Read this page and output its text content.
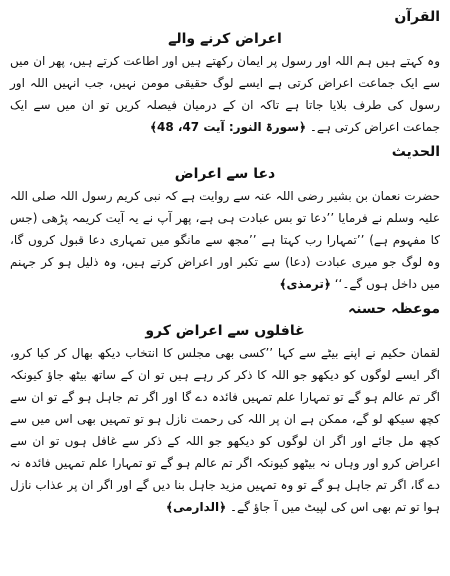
القرآن
اعراض کرنے والے

وہ کہتے ہیں ہم اللہ اور رسول پر ایمان رکھتے ہیں اور اطاعت کرتے ہیں، پھر ان میں سے ایک جماعت اعراض کرتی ہے ایسے لوگ حقیقی مومن نہیں، جب انہیں اللہ اور رسول کی طرف بلایا جاتا ہے تاکہ ان کے درمیان فیصلہ کریں تو ان میں سے ایک جماعت اعراض کرتی ہے۔ ﴿سورۃ النور: آیت 47، 48﴾

الحدیث
دعا سے اعراض

حضرت نعمان بن بشیر رضی اللہ عنہ سے روایت ہے کہ نبی کریم رسول اللہ صلی اللہ علیہ وسلم نے فرمایا ’’دعا تو بس عبادت ہی ہے، پھر آپ نے یہ آیت کریمہ پڑھی (جس کا مفہوم ہے) ’’تمہارا رب کہتا ہے ’’مجھ سے مانگو میں تمہاری دعا قبول کروں گا، وہ لوگ جو میری عبادت (دعا) سے تکبر اور اعراض کرتے ہیں، وہ ذلیل ہو کر جہنم میں داخل ہوں گے۔‘‘ ﴿ترمذی﴾

موعظہ حسنہ
غافلوں سے اعراض کرو

لقمان حکیم نے اپنے بیٹے سے کہا ’’کسی بھی مجلس کا انتخاب دیکھ بھال کر کیا کرو، اگر ایسے لوگوں کو دیکھو جو اللہ کا ذکر کر رہے ہیں تو ان کے ساتھ بیٹھ جاؤ کیونکہ اگر تم عالم ہو گے تو تمہارا علم تمہیں فائدہ دے گا اور اگر تم جاہل ہو گے تو ان سے کچھ سیکھ لو گے، ممکن ہے ان پر اللہ کی رحمت نازل ہو تو تمہیں بھی اس میں سے کچھ مل جائے اور اگر ان لوگوں کو دیکھو جو اللہ کے ذکر سے غافل ہوں تو ان سے اعراض کرو اور وہاں نہ بیٹھو کیونکہ اگر تم عالم ہو گے تو تمہارا علم تمہیں فائدہ نہ دے گا، اگر تم جاہل ہو گے تو وہ تمہیں مزید جاہل بنا دیں گے اور اگر ان پر عذاب نازل ہوا تو تم بھی اس کی لپیٹ میں آ جاؤ گے۔ ﴿الدارمی﴾
